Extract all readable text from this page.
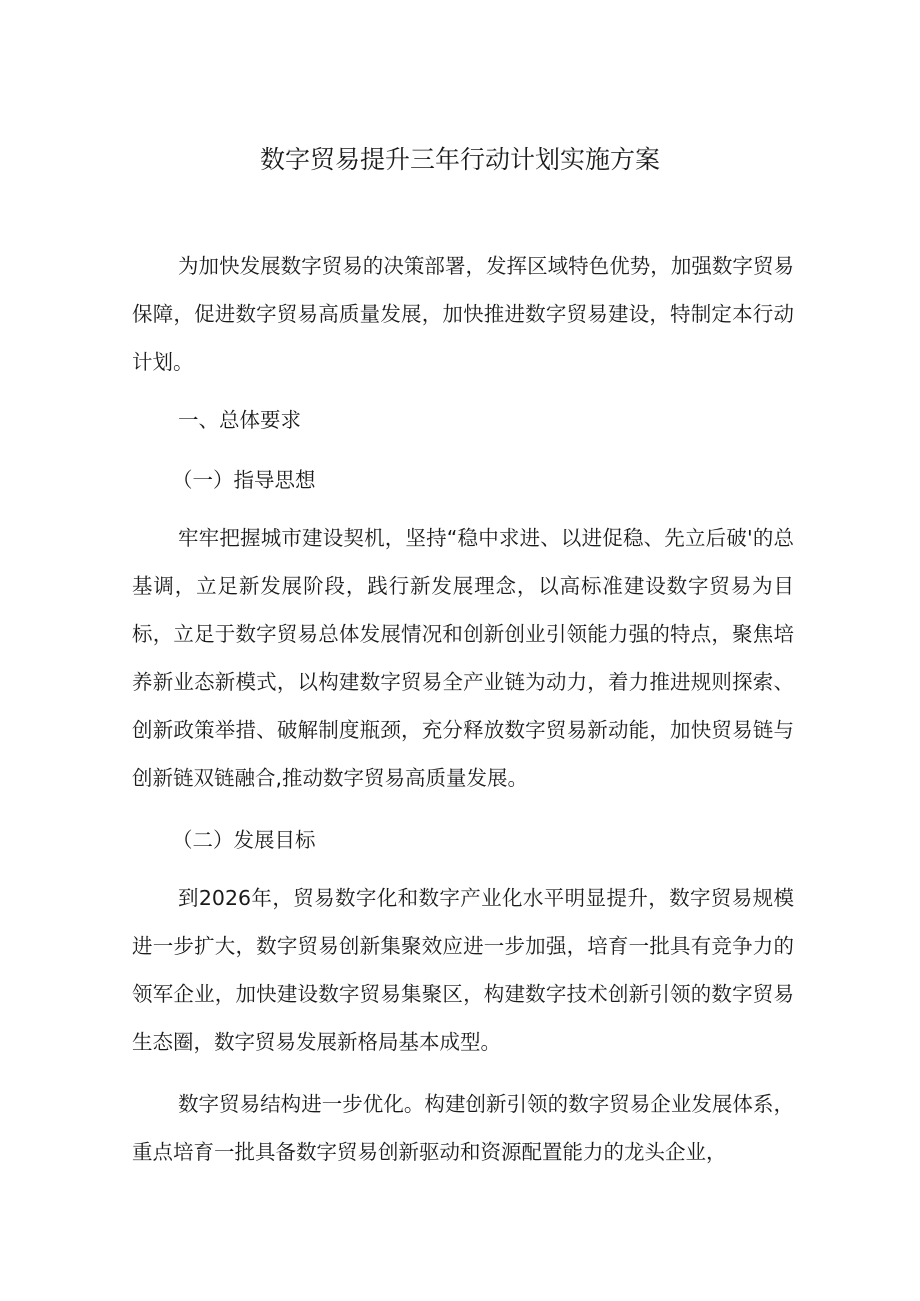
数字贸易提升三年行动计划实施方案

为加快发展数字贸易的决策部署，发挥区域特色优势，加强数字贸易保障，促进数字贸易高质量发展，加快推进数字贸易建设，特制定本行动计划。

一、总体要求
（一）指导思想

牢牢把握城市建设契机，坚持“稳中求进、以进促稳、先立后破'的总基调，立足新发展阶段，践行新发展理念，以高标准建设数字贸易为目标，立足于数字贸易总体发展情况和创新创业引领能力强的特点，聚焦培养新业态新模式，以构建数字贸易全产业链为动力，着力推进规则探索、创新政策举措、破解制度瓶颈，充分释放数字贸易新动能，加快贸易链与创新链双链融合,推动数字贸易高质量发展。

（二）发展目标

到2026年，贸易数字化和数字产业化水平明显提升，数字贸易规模进一步扩大，数字贸易创新集聚效应进一步加强，培育一批具有竞争力的领军企业，加快建设数字贸易集聚区，构建数字技术创新引领的数字贸易生态圈，数字贸易发展新格局基本成型。

数字贸易结构进一步优化。构建创新引领的数字贸易企业发展体系，重点培育一批具备数字贸易创新驱动和资源配置能力的龙头企业，
